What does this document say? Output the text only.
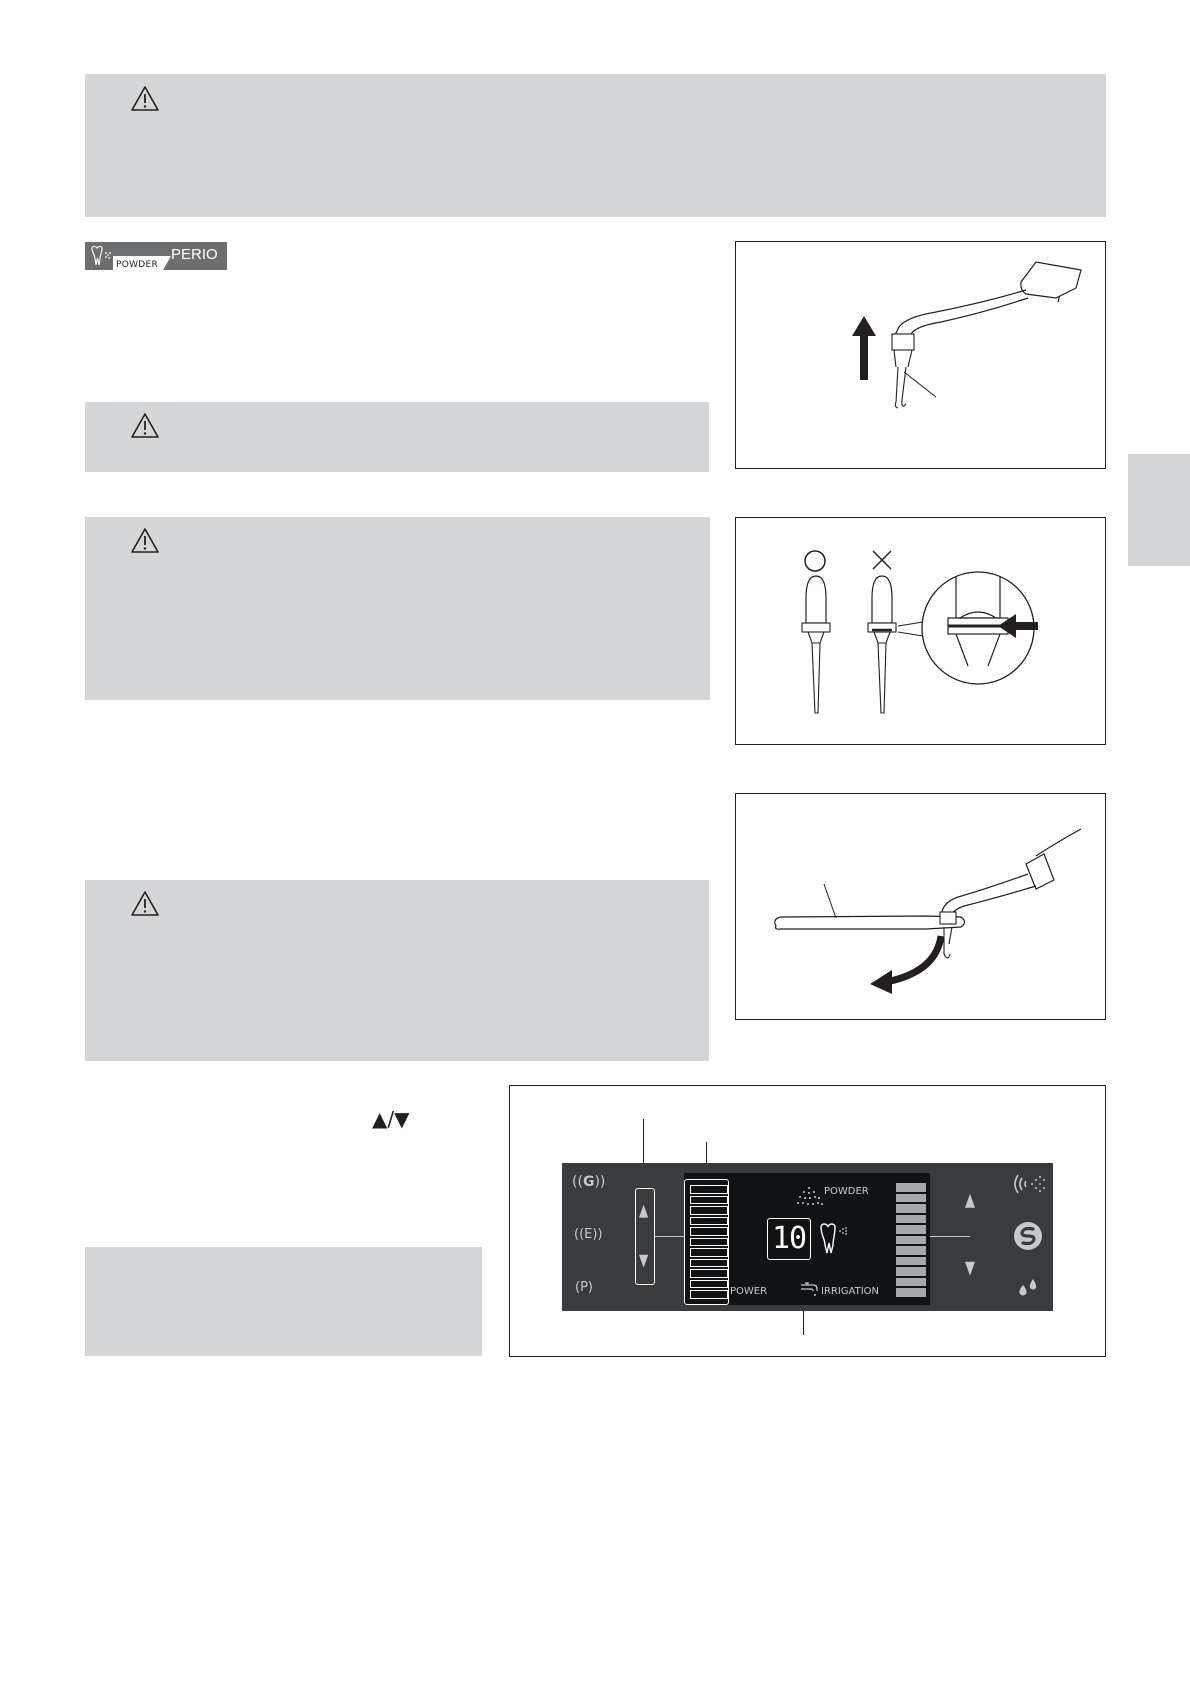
POWDER
PERIO
▲/▼
((G))
((E))
(P)
▲
▼
POWER
POWDER
10
IRRIGATION
▲
▼
